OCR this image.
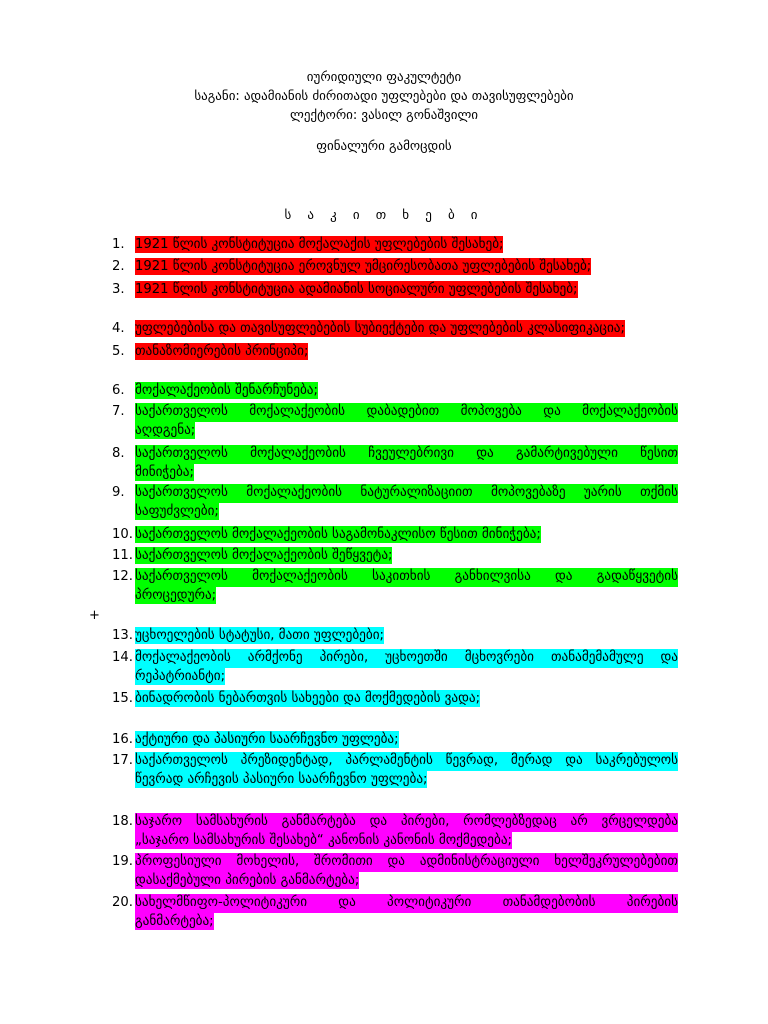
იურიდიული ფაკულტეტი
საგანი: ადამიანის ძირითადი უფლებები და თავისუფლებები
ლექტორი: ვასილ გონაშვილი
ფინალური გამოცდის
ს ა კ ი თ ხ ე ბ ი
1. 1921 წლის კონსტიტუცია მოქალაქის უფლებების შესახებ;
2. 1921 წლის კონსტიტუცია ეროვნულ უმცირესობათა უფლებების შესახებ;
3. 1921 წლის კონსტიტუცია ადამიანის სოციალური უფლებების შესახებ;
4. უფლებებისა და თავისუფლებების სუბიექტები და უფლებების კლასიფიკაცია;
5. თანაზომიერების პრინციპი;
6. მოქალაქეობის შენარჩუნება;
7. საქართველოს მოქალაქეობის დაბადებით მოპოვება და მოქალაქეობის
აღდგენა;
8. საქართველოს მოქალაქეობის ჩვეულებრივი და გამარტივებული წესით
მინიჭება;
9. საქართველოს მოქალაქეობის ნატურალიზაციით მოპოვებაზე უარის თქმის
საფუძვლები;
10. საქართველოს მოქალაქეობის საგამონაკლისო წესით მინიჭება;
11. საქართველოს მოქალაქეობის შეწყვეტა;
12. საქართველოს მოქალაქეობის საკითხის განხილვისა და გადაწყვეტის
პროცედურა;
13. უცხოელების სტატუსი, მათი უფლებები;
14. მოქალაქეობის არმქონე პირები, უცხოეთში მცხოვრები თანამემამულე და
რეპატრიანტი;
15. ბინადრობის ნებართვის სახეები და მოქმედების ვადა;
16. აქტიური და პასიური საარჩევნო უფლება;
17. საქართველოს პრეზიდენტად, პარლამენტის წევრად, მერად და საკრებულოს
წევრად არჩევის პასიური საარჩევნო უფლება;
18. საჯარო სამსახურის განმარტება და პირები, რომლებზედაც არ ვრცელდება
„საჯარო სამსახურის შესახებ“ კანონის კანონის მოქმედება;
19. პროფესიული მოხელის, შრომითი და ადმინისტრაციული ხელშეკრულებებით
დასაქმებული პირების განმარტება;
20. სახელმწიფო-პოლიტიკური და პოლიტიკური თანამდებობის პირების
განმარტება;
+
